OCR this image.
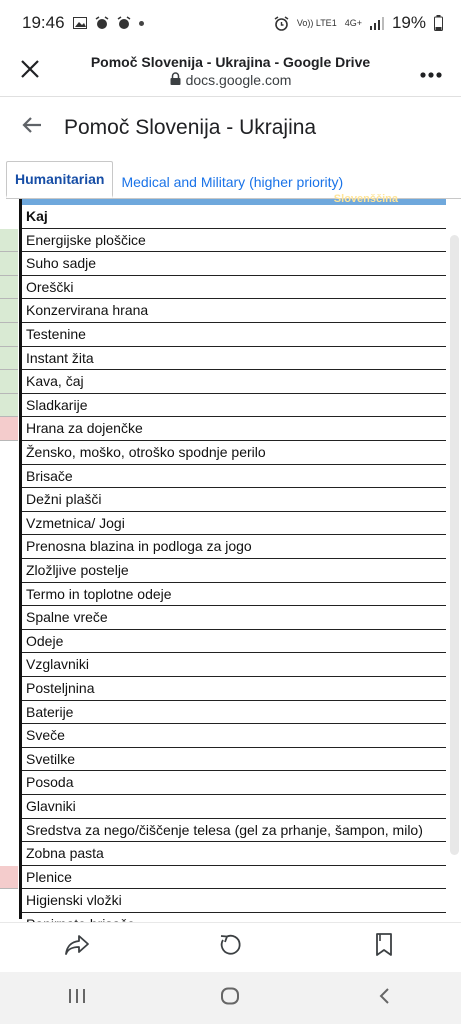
19:46	Vo)) LTE1 4G+ 19%
Pomoč Slovenija - Ukrajina - Google Drive
docs.google.com
Pomoč Slovenija - Ukrajina
Humanitarian	Medical and Military (higher priority)
Slovenščina
Kaj
Energijske ploščice
Suho sadje
Oreščki
Konzervirana hrana
Testenine
Instant žita
Kava, čaj
Sladkarije
Hrana za dojenčke
Žensko, moško, otroško spodnje perilo
Brisače
Dežni plašči
Vzmetnica/ Jogi
Prenosna blazina in podloga za jogo
Zložljive postelje
Termo in toplotne odeje
Spalne vreče
Odeje
Vzglavniki
Posteljnina
Baterije
Sveče
Svetilke
Posoda
Glavniki
Sredstva za nego/čiščenje telesa (gel za prhanje, šampon, milo)
Zobna pasta
Plenice
Higienski vložki
